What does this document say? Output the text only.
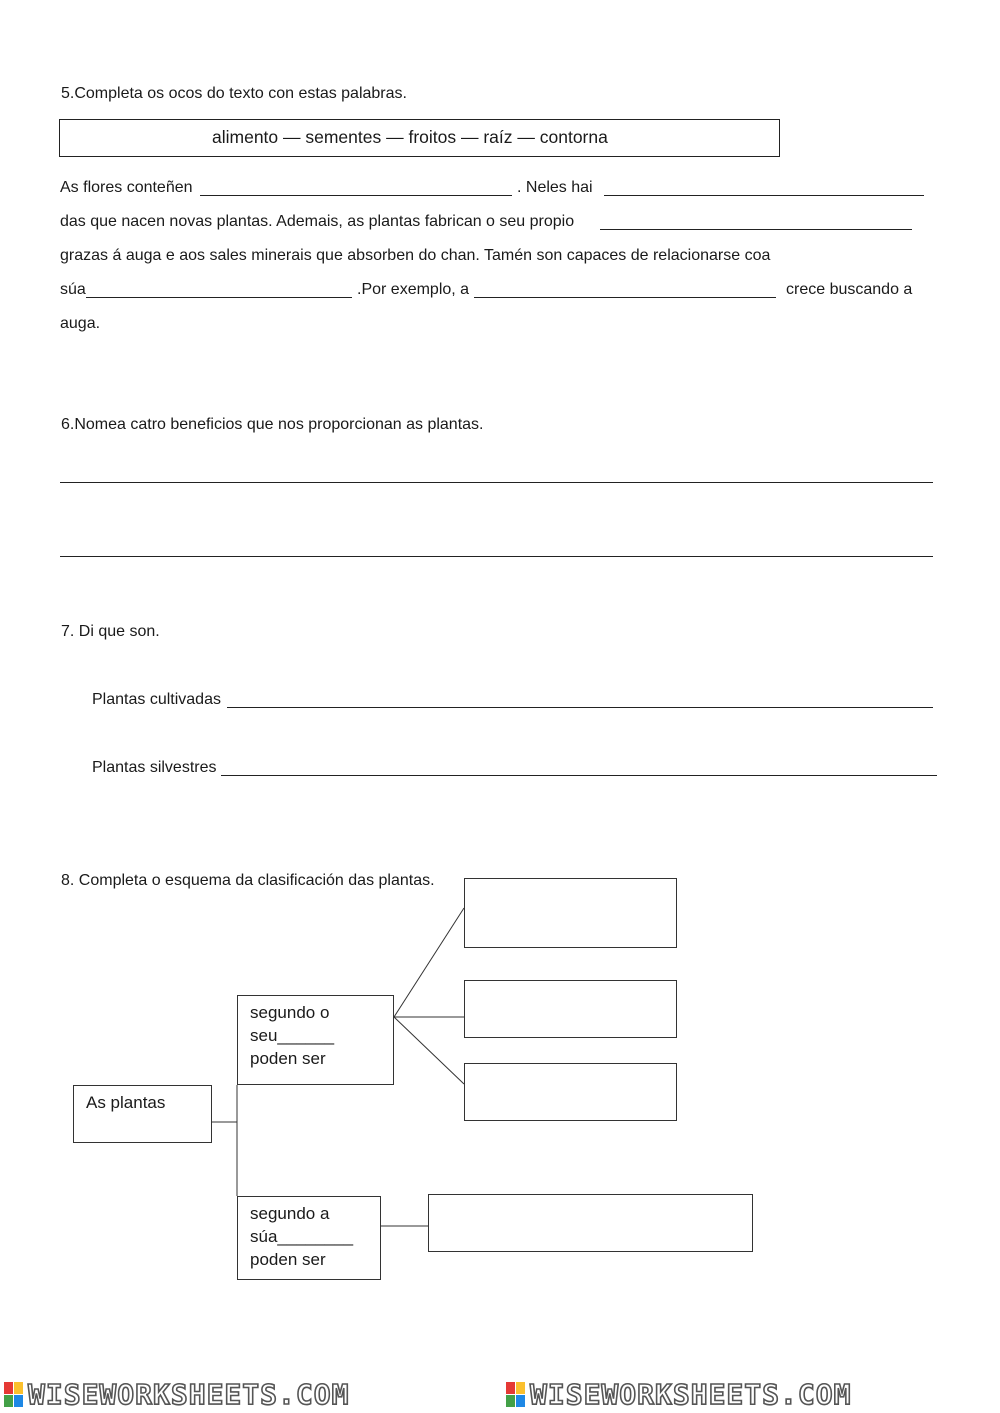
5.Completa os ocos do texto con estas palabras.
alimento — sementes — froitos — raíz — contorna
As flores conteñen	. Neles hai
das que nacen novas plantas. Ademais, as plantas fabrican o seu propio
grazas á auga e aos sales minerais que absorben do chan. Tamén son capaces de relacionarse coa
súa	.Por exemplo, a	crece buscando a
auga.
6.Nomea catro beneficios que nos proporcionan as plantas.
7. Di que son.
Plantas cultivadas
Plantas silvestres
8. Completa o esquema da clasificación das plantas.
As plantas
segundo o
seu______
poden ser
segundo a
súa________
poden ser
WISEWORKSHEETS.COM	WISEWORKSHEETS.COM
